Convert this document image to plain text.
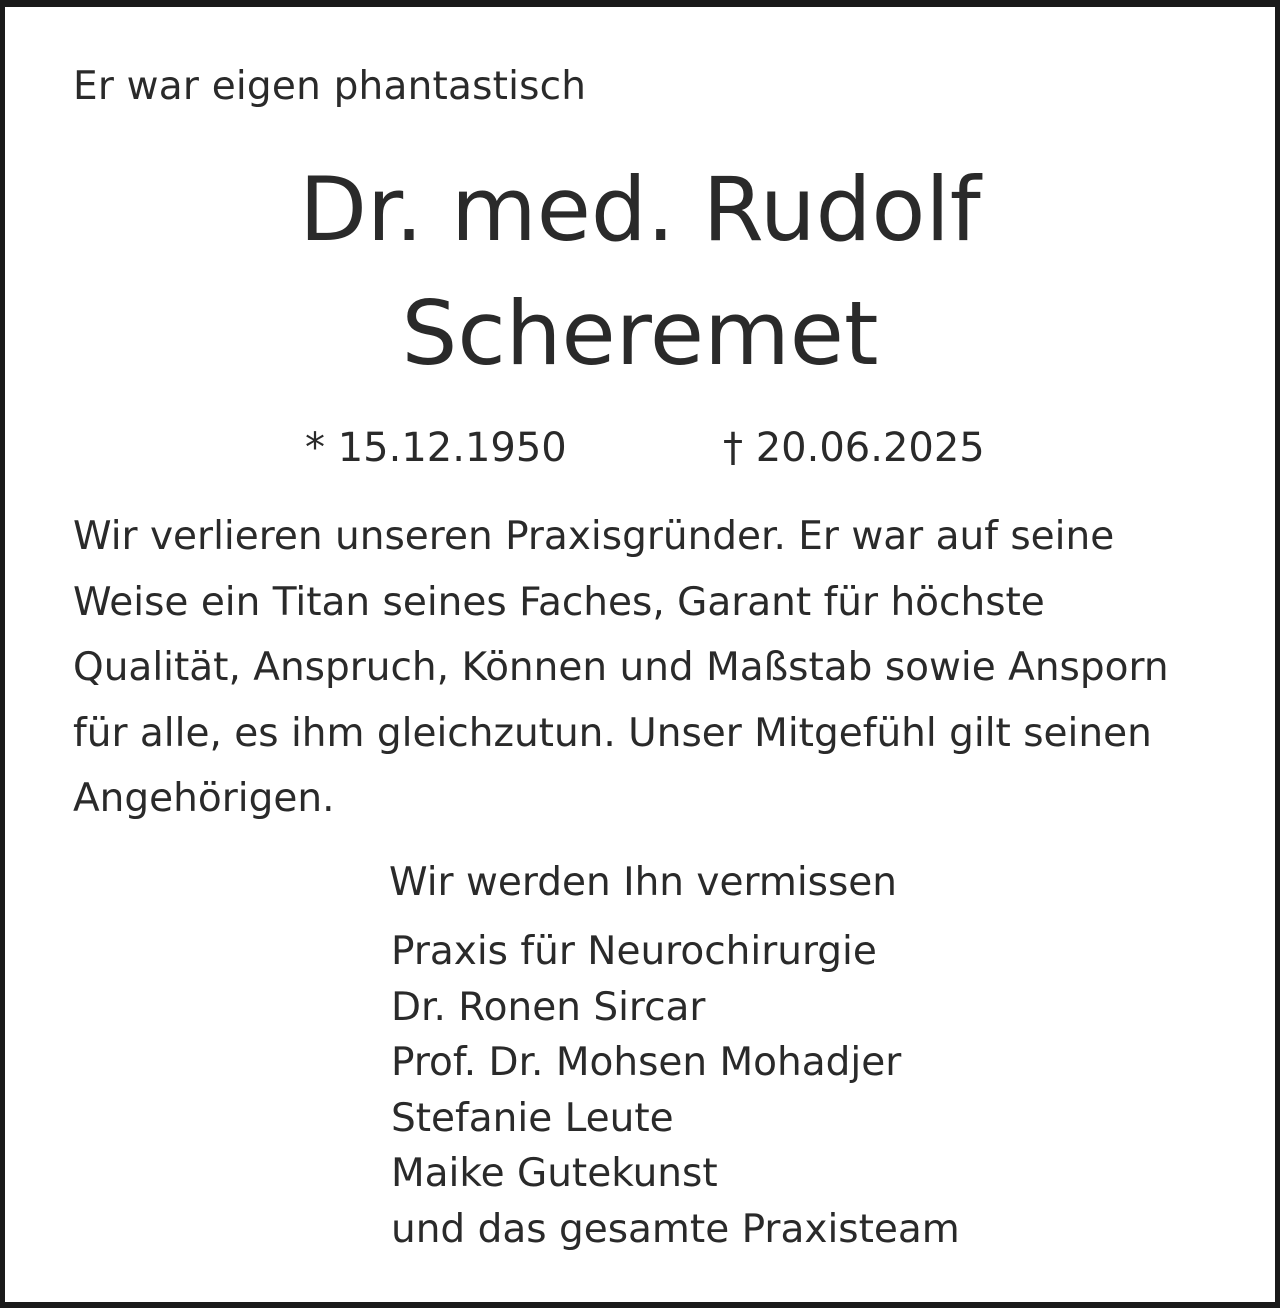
Er war eigen phantastisch
Dr. med. Rudolf
Scheremet
* 15.12.1950	† 20.06.2025
Wir verlieren unseren Praxisgründer. Er war auf seine
Weise ein Titan seines Faches, Garant für höchste
Qualität, Anspruch, Können und Maßstab sowie Ansporn
für alle, es ihm gleichzutun. Unser Mitgefühl gilt seinen
Angehörigen.
Wir werden Ihn vermissen
Praxis für Neurochirurgie
Dr. Ronen Sircar
Prof. Dr. Mohsen Mohadjer
Stefanie Leute
Maike Gutekunst
und das gesamte Praxisteam
